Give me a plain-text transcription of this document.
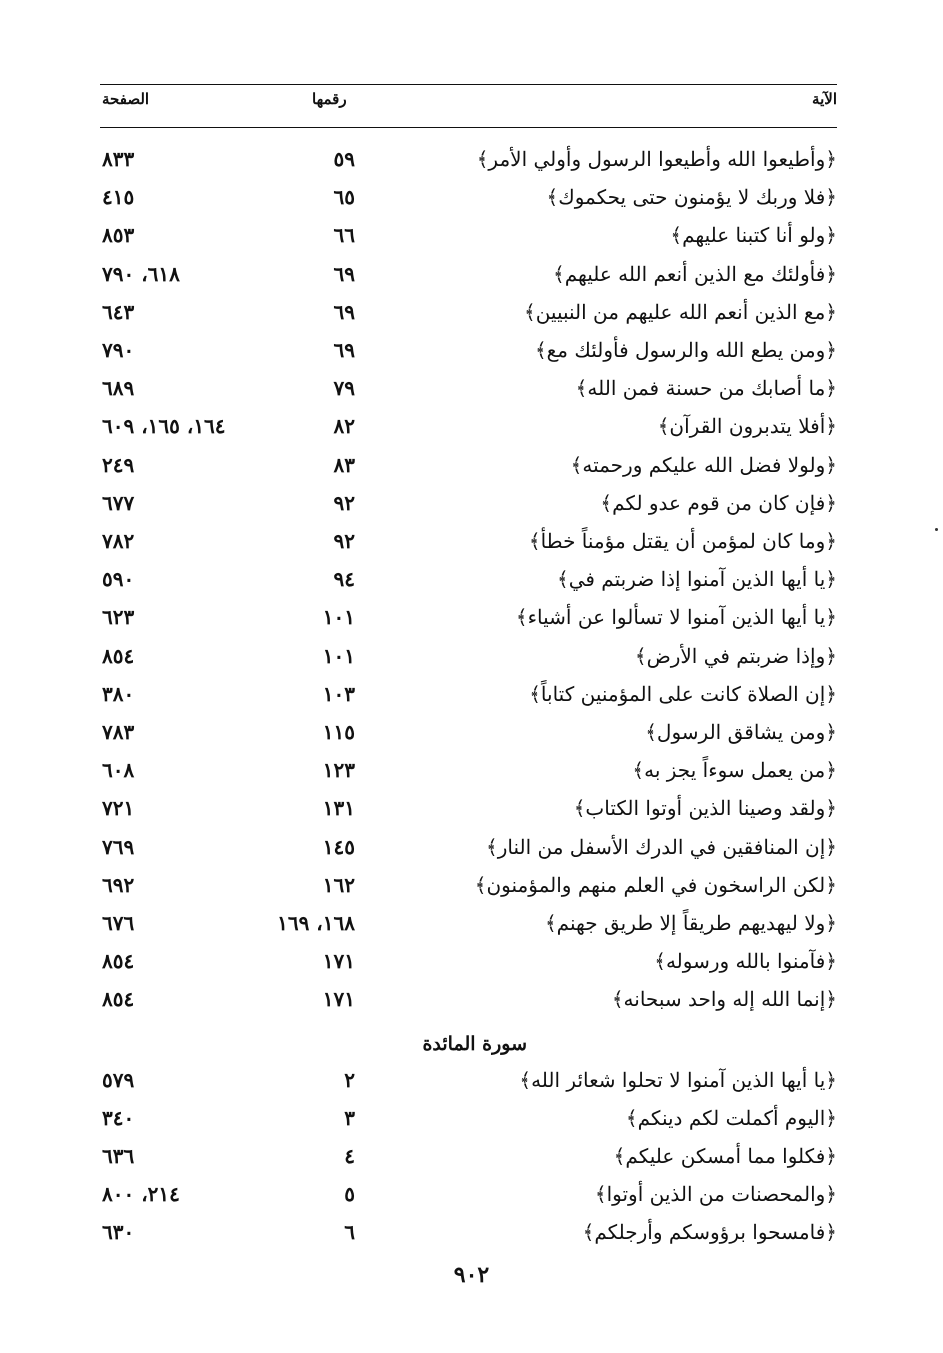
الآية
رقمها
الصفحة
﴿وأطيعوا الله وأطيعوا الرسول وأولي الأمر﴾
٥٩
٨٣٣
﴿فلا وربك لا يؤمنون حتى يحكموك﴾
٦٥
٤١٥
﴿ولو أنا كتبنا عليهم﴾
٦٦
٨٥٣
﴿فأولئك مع الذين أنعم الله عليهم﴾
٦٩
٦١٨، ٧٩٠
﴿مع الذين أنعم الله عليهم من النبيين﴾
٦٩
٦٤٣
﴿ومن يطع الله والرسول فأولئك مع﴾
٦٩
٧٩٠
﴿ما أصابك من حسنة فمن الله﴾
٧٩
٦٨٩
﴿أفلا يتدبرون القرآن﴾
٨٢
١٦٤، ١٦٥، ٦٠٩
﴿ولولا فضل الله عليكم ورحمته﴾
٨٣
٢٤٩
﴿فإن كان من قوم عدو لكم﴾
٩٢
٦٧٧
﴿وما كان لمؤمن أن يقتل مؤمناً خطأ﴾
٩٢
٧٨٢
﴿يا أيها الذين آمنوا إذا ضربتم في﴾
٩٤
٥٩٠
﴿يا أيها الذين آمنوا لا تسألوا عن أشياء﴾
١٠١
٦٢٣
﴿وإذا ضربتم في الأرض﴾
١٠١
٨٥٤
﴿إن الصلاة كانت على المؤمنين كتاباً﴾
١٠٣
٣٨٠
﴿ومن يشاقق الرسول﴾
١١٥
٧٨٣
﴿من يعمل سوءاً يجز به﴾
١٢٣
٦٠٨
﴿ولقد وصينا الذين أوتوا الكتاب﴾
١٣١
٧٢١
﴿إن المنافقين في الدرك الأسفل من النار﴾
١٤٥
٧٦٩
﴿لكن الراسخون في العلم منهم والمؤمنون﴾
١٦٢
٦٩٢
﴿ولا ليهديهم طريقاً إلا طريق جهنم﴾
١٦٨، ١٦٩
٦٧٦
﴿فآمنوا بالله ورسوله﴾
١٧١
٨٥٤
﴿إنما الله إله واحد سبحانه﴾
١٧١
٨٥٤
سورة المائدة
﴿يا أيها الذين آمنوا لا تحلوا شعائر الله﴾
٢
٥٧٩
﴿اليوم أكملت لكم دينكم﴾
٣
٣٤٠
﴿فكلوا مما أمسكن عليكم﴾
٤
٦٣٦
﴿والمحصنات من الذين أوتوا﴾
٥
٢١٤، ٨٠٠
﴿فامسحوا برؤوسكم وأرجلكم﴾
٦
٦٣٠
٩٠٢
